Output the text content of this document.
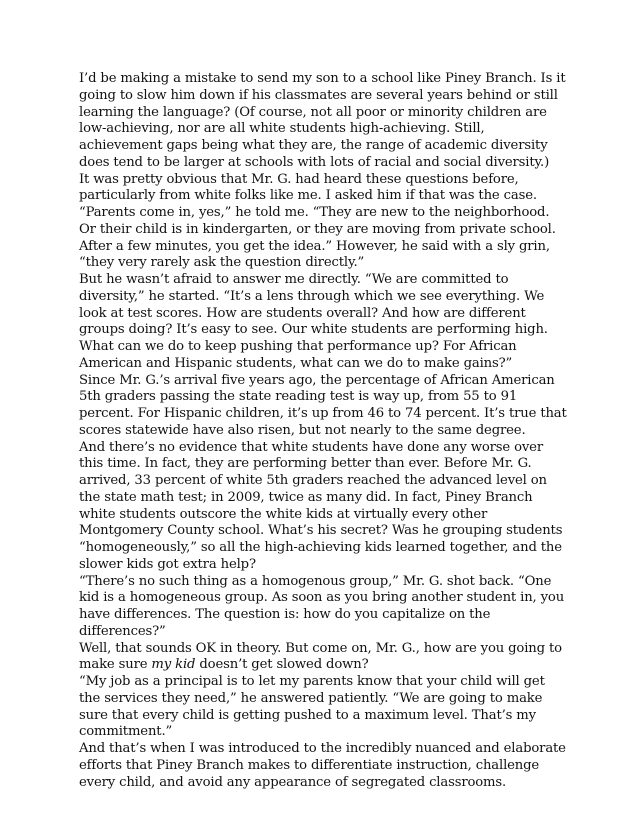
I’d be making a mistake to send my son to a school like Piney Branch. Is it going to slow him down if his classmates are several years behind or still learning the language? (Of course, not all poor or minority children are low-achieving, nor are all white students high-achieving. Still, achievement gaps being what they are, the range of academic diversity does tend to be larger at schools with lots of racial and social diversity.)

It was pretty obvious that Mr. G. had heard these questions before, particularly from white folks like me. I asked him if that was the case. “Parents come in, yes,” he told me. “They are new to the neighborhood. Or their child is in kindergarten, or they are moving from private school. After a few minutes, you get the idea.” However, he said with a sly grin, “they very rarely ask the question directly.”

But he wasn’t afraid to answer me directly. “We are committed to diversity,” he started. “It’s a lens through which we see everything. We look at test scores. How are students overall? And how are different groups doing? It’s easy to see. Our white students are performing high. What can we do to keep pushing that performance up? For African American and Hispanic students, what can we do to make gains?”

Since Mr. G.’s arrival five years ago, the percentage of African American 5th graders passing the state reading test is way up, from 55 to 91 percent. For Hispanic children, it’s up from 46 to 74 percent. It’s true that scores statewide have also risen, but not nearly to the same degree.

And there’s no evidence that white students have done any worse over this time. In fact, they are performing better than ever. Before Mr. G. arrived, 33 percent of white 5th graders reached the advanced level on the state math test; in 2009, twice as many did. In fact, Piney Branch white students outscore the white kids at virtually every other Montgomery County school. What’s his secret? Was he grouping students “homogeneously,” so all the high-achieving kids learned together, and the slower kids got extra help?

“There’s no such thing as a homogenous group,” Mr. G. shot back. “One kid is a homogeneous group. As soon as you bring another student in, you have differences. The question is: how do you capitalize on the differences?”

Well, that sounds OK in theory. But come on, Mr. G., how are you going to make sure my kid doesn’t get slowed down?

“My job as a principal is to let my parents know that your child will get the services they need,” he answered patiently. “We are going to make sure that every child is getting pushed to a maximum level. That’s my commitment.”

And that’s when I was introduced to the incredibly nuanced and elaborate efforts that Piney Branch makes to differentiate instruction, challenge every child, and avoid any appearance of segregated classrooms.
